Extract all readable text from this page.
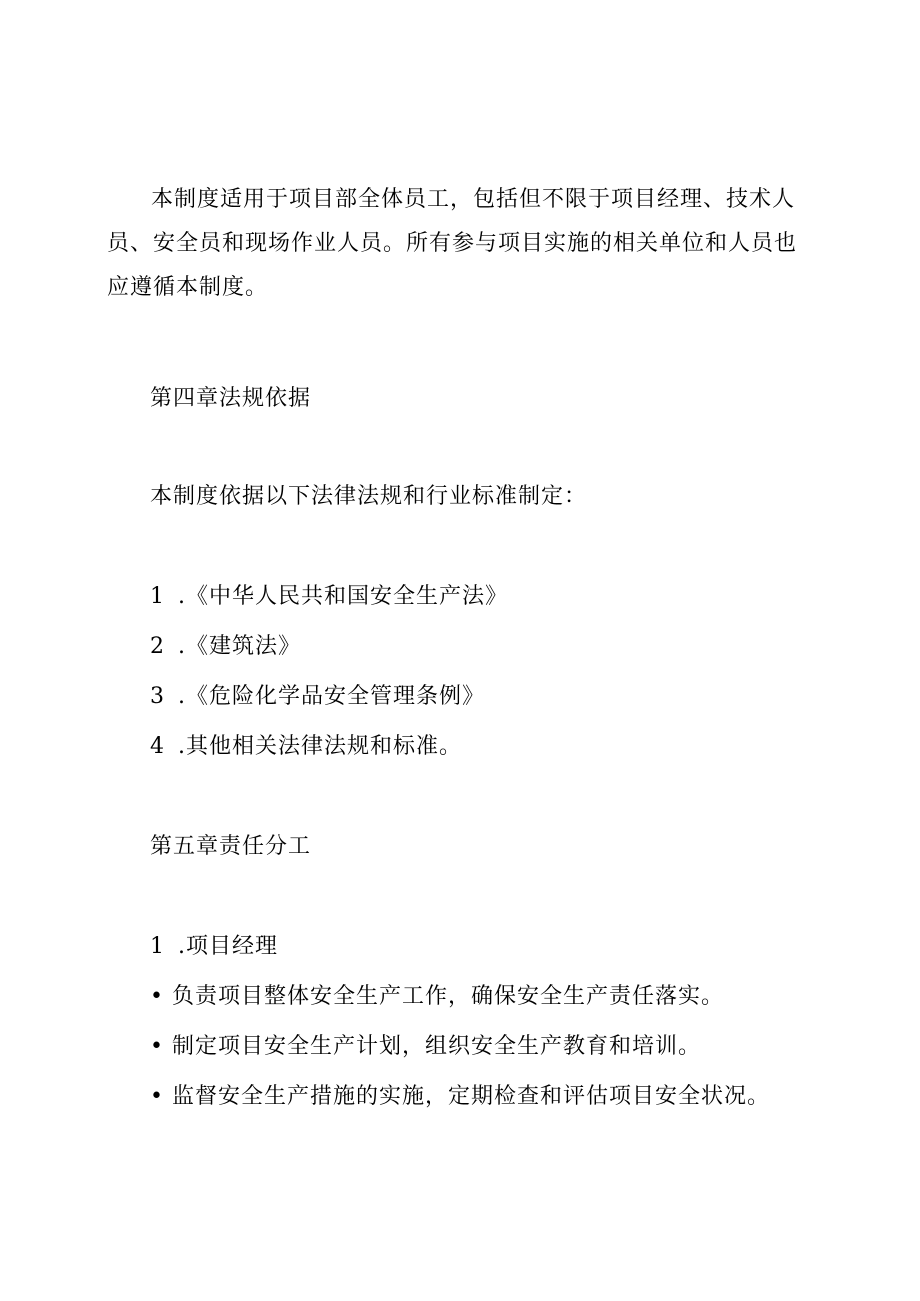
本制度适用于项目部全体员工，包括但不限于项目经理、技术人员、安全员和现场作业人员。所有参与项目实施的相关单位和人员也应遵循本制度。

第四章法规依据

本制度依据以下法律法规和行业标准制定：

1 .《中华人民共和国安全生产法》

2 .《建筑法》

3 .《危险化学品安全管理条例》

4 .其他相关法律法规和标准。

第五章责任分工

1 .项目经理

• 负责项目整体安全生产工作，确保安全生产责任落实。

• 制定项目安全生产计划，组织安全生产教育和培训。

• 监督安全生产措施的实施，定期检查和评估项目安全状况。
